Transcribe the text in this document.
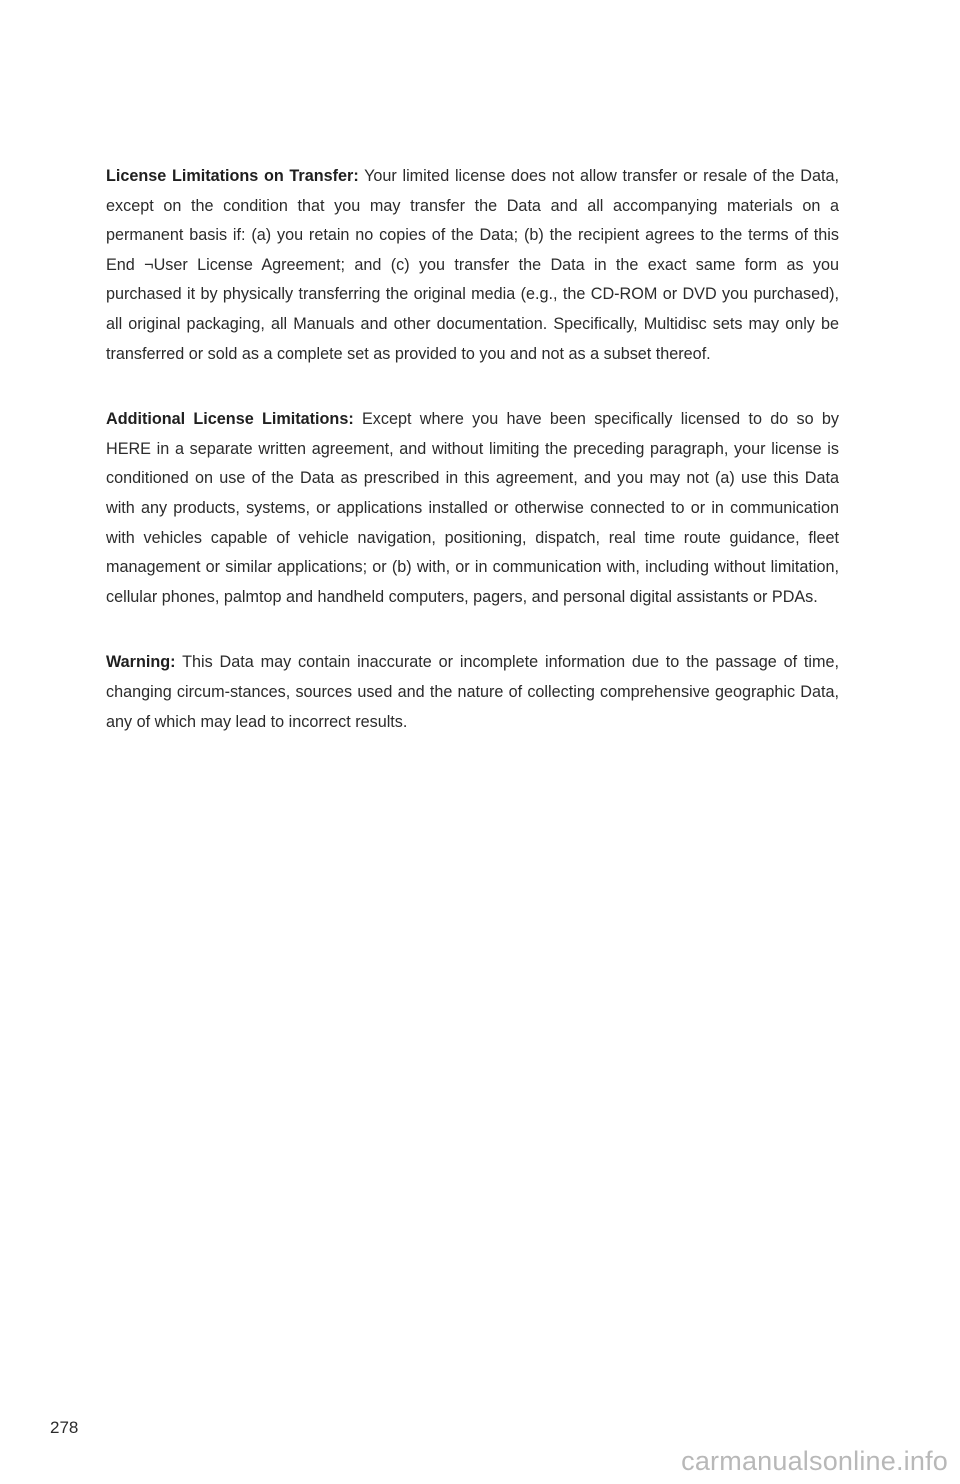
License Limitations on Transfer: Your limited license does not allow transfer or resale of the Data, except on the condition that you may transfer the Data and all accompanying materials on a permanent basis if: (a) you retain no copies of the Data; (b) the recipient agrees to the terms of this End ¬User License Agreement; and (c) you transfer the Data in the exact same form as you purchased it by physically transferring the original media (e.g., the CD-ROM or DVD you purchased), all original packaging, all Manuals and other documentation. Specifically, Multidisc sets may only be transferred or sold as a complete set as provided to you and not as a subset thereof.

Additional License Limitations: Except where you have been specifically licensed to do so by HERE in a separate written agreement, and without limiting the preceding paragraph, your license is conditioned on use of the Data as prescribed in this agreement, and you may not (a) use this Data with any products, systems, or applications installed or otherwise connected to or in communication with vehicles capable of vehicle navigation, positioning, dispatch, real time route guidance, fleet management or similar applications; or (b) with, or in communication with, including without limitation, cellular phones, palmtop and handheld computers, pagers, and personal digital assistants or PDAs.

Warning: This Data may contain inaccurate or incomplete information due to the passage of time, changing circum-stances, sources used and the nature of collecting comprehensive geographic Data, any of which may lead to incorrect results.

278
carmanualsonline.info
